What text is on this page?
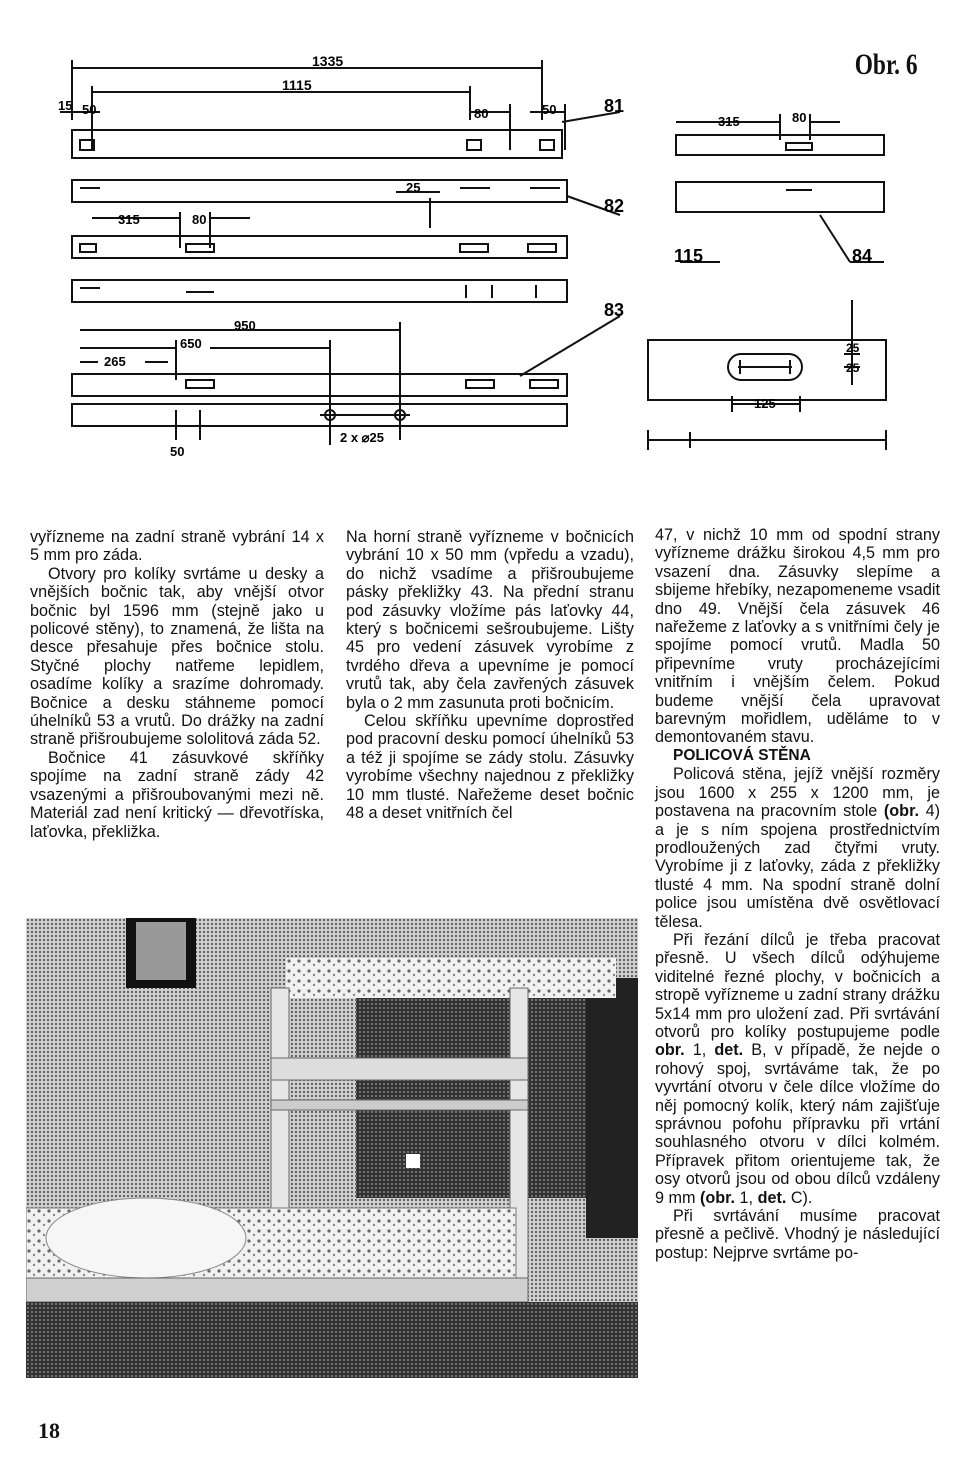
1335
1115
15 50	80	50	81
25
315	80
82
950
650
265
83
2 x ⌀25
50
315	80
115	84
25
25
125
Obr. 6

vyřízneme na zadní straně vybrání 14 x 5 mm pro záda.

Otvory pro kolíky svrtáme u desky a vnějších bočnic tak, aby vnější otvor bočnic byl 1596 mm (stejně jako u policové stěny), to znamená, že lišta na desce přesahuje přes bočnice stolu. Styčné plochy natřeme lepidlem, osadíme kolíky a srazíme dohromady. Bočnice a desku stáhneme pomocí úhelníků 53 a vrutů. Do drážky na zadní straně přišroubujeme sololitová záda 52.

Bočnice 41 zásuvkové skříňky spojíme na zadní straně zády 42 vsazenými a přišroubovanými mezi ně. Materiál zad není kritický — dřevotříska, laťovka, překližka.

Na horní straně vyřízneme v bočnicích vybrání 10 x 50 mm (vpředu a vzadu), do nichž vsadíme a přišroubujeme pásky překližky 43. Na přední stranu pod zásuvky vložíme pás laťovky 44, který s bočnicemi sešroubujeme. Lišty 45 pro vedení zásuvek vyrobíme z tvrdého dřeva a upevníme je pomocí vrutů tak, aby čela zavřených zásuvek byla o 2 mm zasunuta proti bočnicím.

Celou skříňku upevníme doprostřed pod pracovní desku pomocí úhelníků 53 a též ji spojíme se zády stolu. Zásuvky vyrobíme všechny najednou z překližky 10 mm tlusté. Nařežeme deset bočnic 48 a deset vnitřních čel

47, v nichž 10 mm od spodní strany vyřízneme drážku širokou 4,5 mm pro vsazení dna. Zásuvky slepíme a sbijeme hřebíky, nezapomeneme vsadit dno 49. Vnější čela zásuvek 46 nařežeme z laťovky a s vnitřními čely je spojíme pomocí vrutů. Madla 50 připevníme vruty procházejícími vnitřním i vnějším čelem. Pokud budeme vnější čela upravovat barevným mořidlem, uděláme to v demontovaném stavu.

POLICOVÁ STĚNA

Policová stěna, jejíž vnější rozměry jsou 1600 x 255 x 1200 mm, je postavena na pracovním stole (obr. 4) a je s ním spojena prostřednictvím prodloužených zad čtyřmi vruty. Vyrobíme ji z laťovky, záda z překližky tlusté 4 mm. Na spodní straně dolní police jsou umístěna dvě osvětlovací tělesa.

Při řezání dílců je třeba pracovat přesně. U všech dílců odýhujeme viditelné řezné plochy, v bočnicích a stropě vyřízneme u zadní strany drážku 5x14 mm pro uložení zad. Při svrtávání otvorů pro kolíky postupujeme podle obr. 1, det. B, v případě, že nejde o rohový spoj, svrtáváme tak, že po vyvrtání otvoru v čele dílce vložíme do něj pomocný kolík, který nám zajišťuje správnou pofohu přípravku při vrtání souhlasného otvoru v dílci kolmém. Přípravek přitom orientujeme tak, že osy otvorů jsou od obou dílců vzdáleny 9 mm (obr. 1, det. C).

Při svrtávání musíme pracovat přesně a pečlivě. Vhodný je následující postup: Nejprve svrtáme po-

18
